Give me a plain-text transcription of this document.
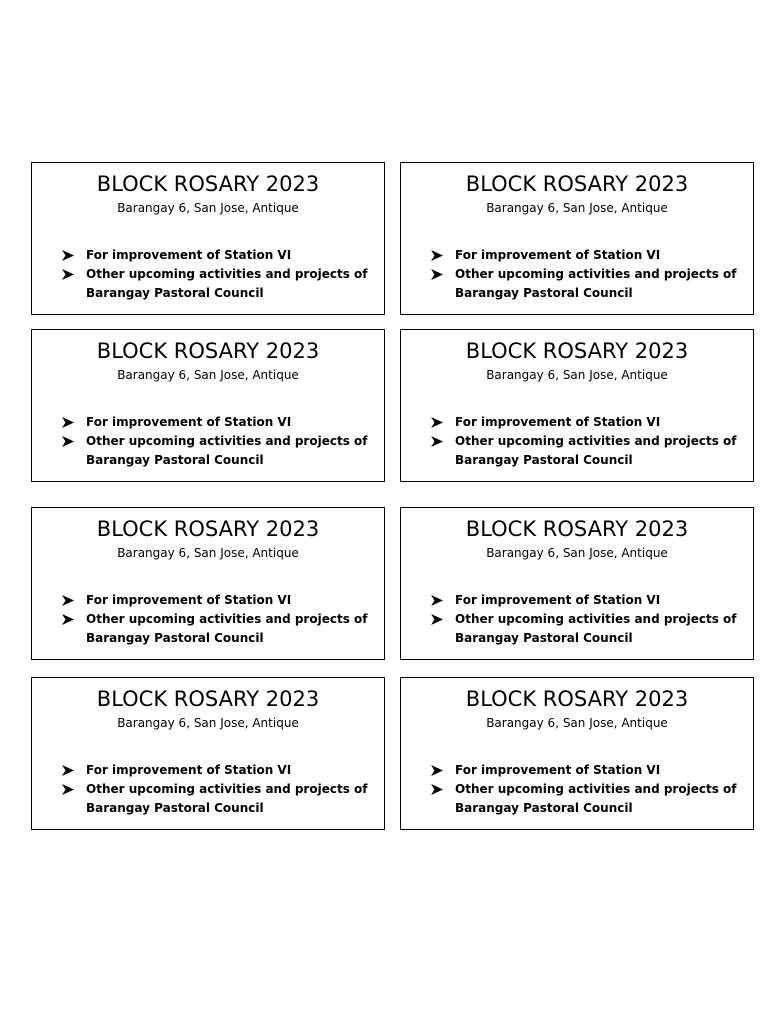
BLOCK ROSARY 2023
Barangay 6, San Jose, Antique
For improvement of Station VI
Other upcoming activities and projects of
Barangay Pastoral Council
BLOCK ROSARY 2023
Barangay 6, San Jose, Antique
For improvement of Station VI
Other upcoming activities and projects of
Barangay Pastoral Council
BLOCK ROSARY 2023
Barangay 6, San Jose, Antique
For improvement of Station VI
Other upcoming activities and projects of
Barangay Pastoral Council
BLOCK ROSARY 2023
Barangay 6, San Jose, Antique
For improvement of Station VI
Other upcoming activities and projects of
Barangay Pastoral Council
BLOCK ROSARY 2023
Barangay 6, San Jose, Antique
For improvement of Station VI
Other upcoming activities and projects of
Barangay Pastoral Council
BLOCK ROSARY 2023
Barangay 6, San Jose, Antique
For improvement of Station VI
Other upcoming activities and projects of
Barangay Pastoral Council
BLOCK ROSARY 2023
Barangay 6, San Jose, Antique
For improvement of Station VI
Other upcoming activities and projects of
Barangay Pastoral Council
BLOCK ROSARY 2023
Barangay 6, San Jose, Antique
For improvement of Station VI
Other upcoming activities and projects of
Barangay Pastoral Council
